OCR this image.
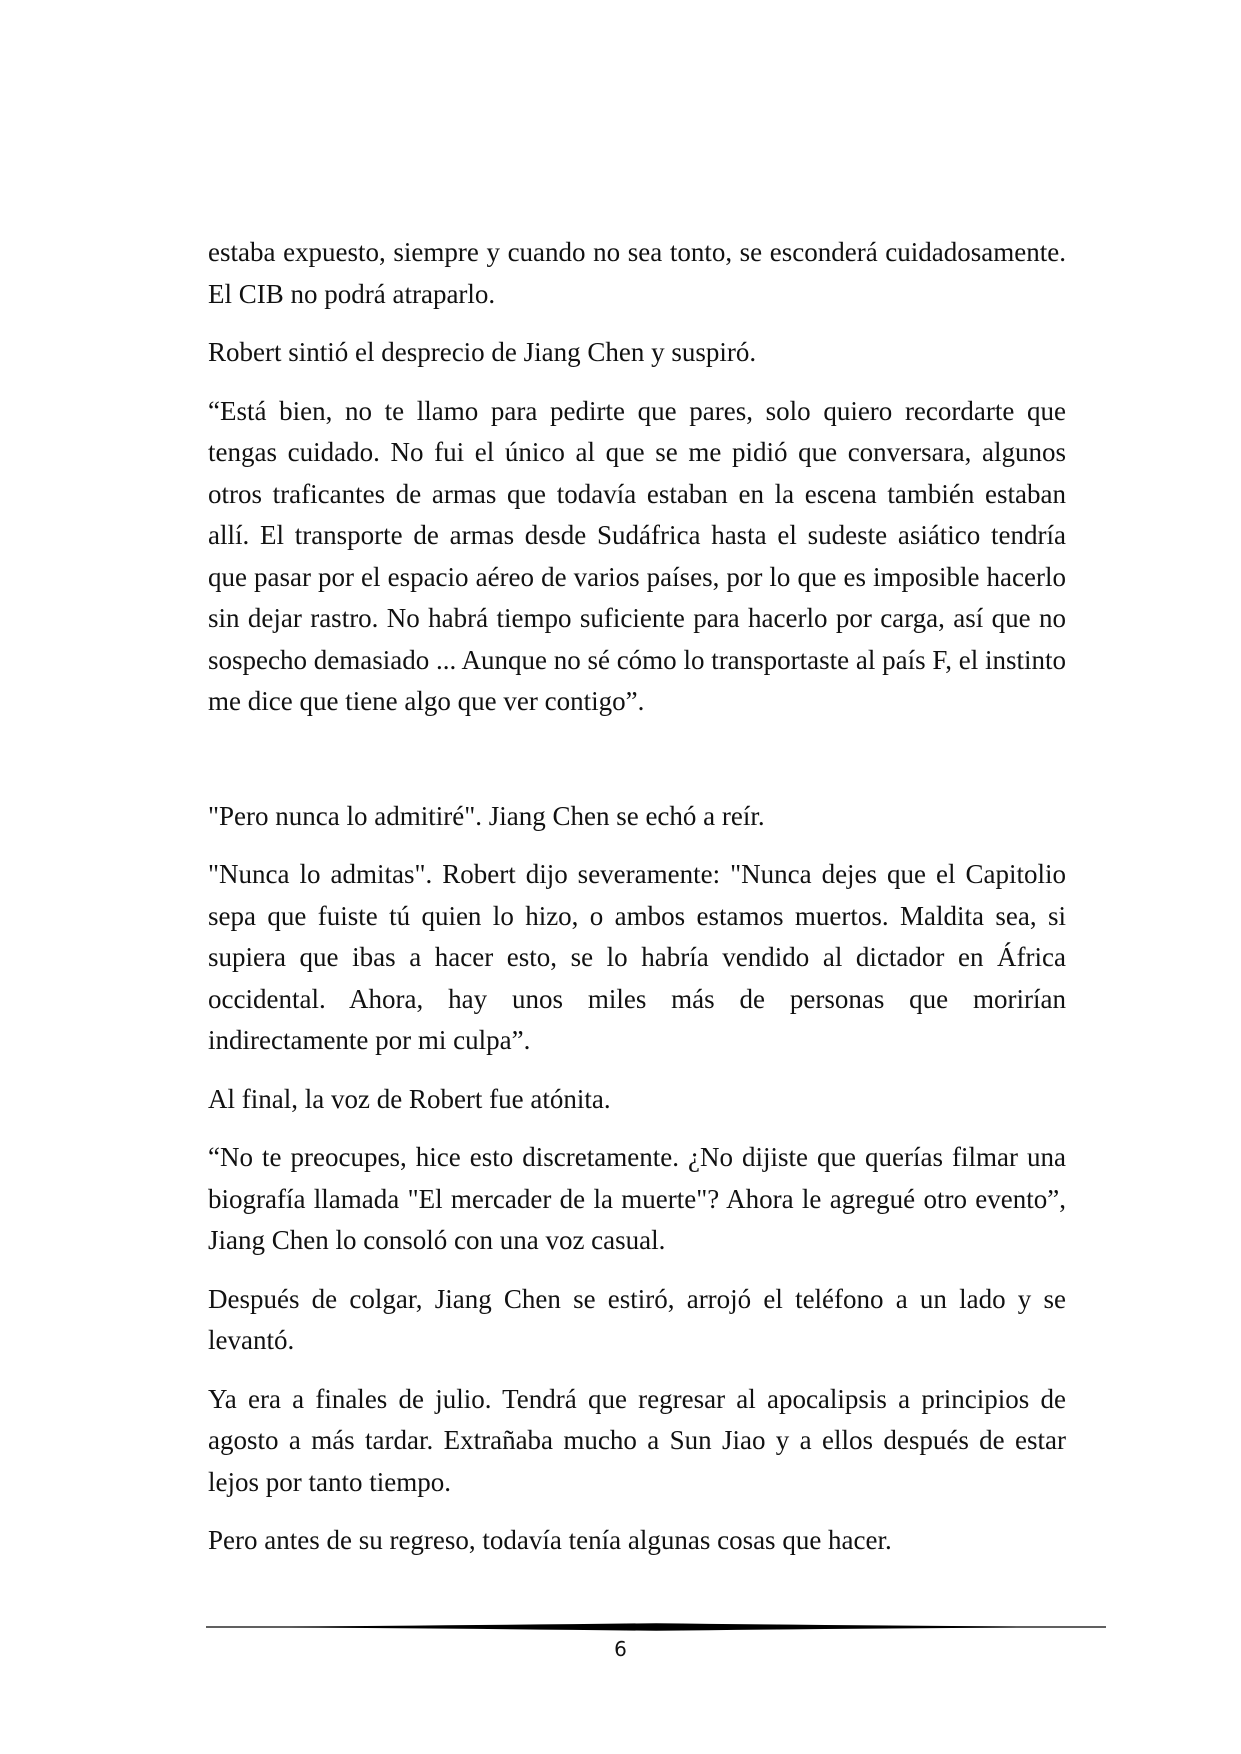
estaba expuesto, siempre y cuando no sea tonto, se esconderá cuidadosamente. El CIB no podrá atraparlo.

Robert sintió el desprecio de Jiang Chen y suspiró.

“Está bien, no te llamo para pedirte que pares, solo quiero recordarte que tengas cuidado. No fui el único al que se me pidió que conversara, algunos otros traficantes de armas que todavía estaban en la escena también estaban allí. El transporte de armas desde Sudáfrica hasta el sudeste asiático tendría que pasar por el espacio aéreo de varios países, por lo que es imposible hacerlo sin dejar rastro. No habrá tiempo suficiente para hacerlo por carga, así que no sospecho demasiado ... Aunque no sé cómo lo transportaste al país F, el instinto me dice que tiene algo que ver contigo”.

"Pero nunca lo admitiré". Jiang Chen se echó a reír.

"Nunca lo admitas". Robert dijo severamente: "Nunca dejes que el Capitolio sepa que fuiste tú quien lo hizo, o ambos estamos muertos. Maldita sea, si supiera que ibas a hacer esto, se lo habría vendido al dictador en África occidental. Ahora, hay unos miles más de personas que morirían indirectamente por mi culpa”.

Al final, la voz de Robert fue atónita.

“No te preocupes, hice esto discretamente. ¿No dijiste que querías filmar una biografía llamada "El mercader de la muerte"? Ahora le agregué otro evento”, Jiang Chen lo consoló con una voz casual.

Después de colgar, Jiang Chen se estiró, arrojó el teléfono a un lado y se levantó.

Ya era a finales de julio. Tendrá que regresar al apocalipsis a principios de agosto a más tardar. Extrañaba mucho a Sun Jiao y a ellos después de estar lejos por tanto tiempo.

Pero antes de su regreso, todavía tenía algunas cosas que hacer.

6
